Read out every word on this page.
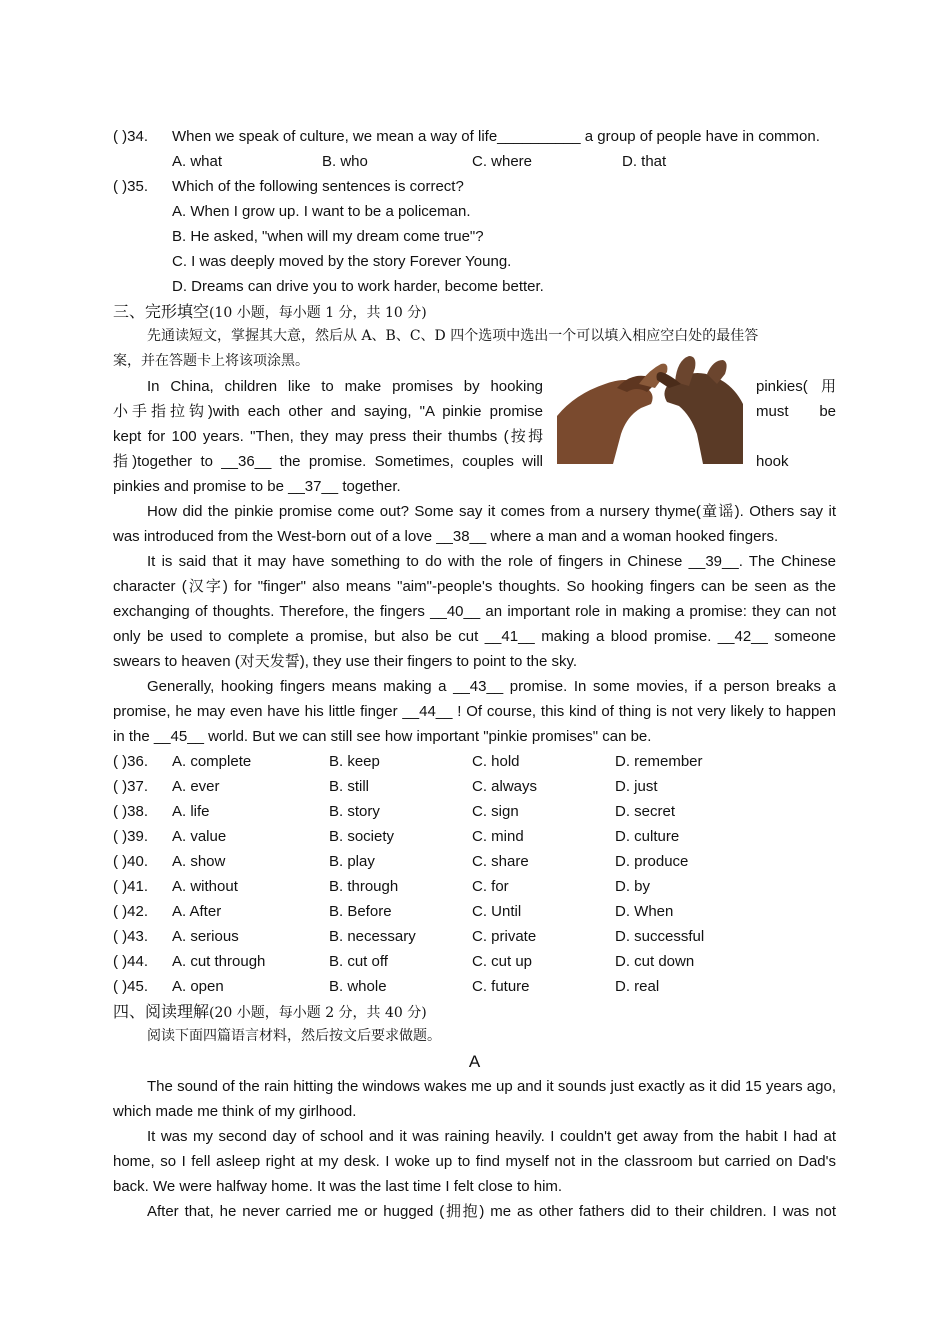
( )34. When we speak of culture, we mean a way of life__________ a group of people have in common.
A. what	B. who	C. where	D. that
( )35. Which of the following sentences is correct?
A. When I grow up. I want to be a policeman.
B. He asked, "when will my dream come true"?
C. I was deeply moved by the story Forever Young.
D. Dreams can drive you to work harder, become better.
三、完形填空(10 小题，每小题 1 分，共 10 分)
先通读短文，掌握其大意，然后从 A、B、C、D 四个选项中选出一个可以填入相应空白处的最佳答
案，并在答题卡上将该项涂黑。
In China, children like to make promises by hooking
小手指拉钩)with each other and saying, "A pinkie promise
kept for 100 years. "Then, they may press their thumbs (按拇
指)together to __36__ the promise. Sometimes, couples will
pinkies( 用
must be
hook
pinkies and promise to be __37__ together.

How did the pinkie promise come out? Some say it comes from a nursery thyme(童谣). Others say it was introduced from the West-born out of a love __38__ where a man and a woman hooked fingers.

It is said that it may have something to do with the role of fingers in Chinese __39__. The Chinese character (汉字) for "finger" also means "aim"-people's thoughts. So hooking fingers can be seen as the exchanging of thoughts. Therefore, the fingers __40__ an important role in making a promise: they can not only be used to complete a promise, but also be cut __41__ making a blood promise. __42__ someone swears to heaven (对天发誓), they use their fingers to point to the sky.

Generally, hooking fingers means making a __43__ promise. In some movies, if a person breaks a promise, he may even have his little finger __44__ ! Of course, this kind of thing is not very likely to happen in the __45__ world. But we can still see how important "pinkie promises" can be.

( )36. A. complete	B. keep	C. hold	D. remember
( )37. A. ever	B. still	C. always	D. just
( )38. A. life	B. story	C. sign	D. secret
( )39. A. value	B. society	C. mind	D. culture
( )40. A. show	B. play	C. share	D. produce
( )41. A. without	B. through	C. for	D. by
( )42. A. After	B. Before	C. Until	D. When
( )43. A. serious	B. necessary	C. private	D. successful
( )44. A. cut through	B. cut off	C. cut up	D. cut down
( )45. A. open	B. whole	C. future	D. real
四、阅读理解(20 小题，每小题 2 分，共 40 分)
阅读下面四篇语言材料，然后按文后要求做题。
A

The sound of the rain hitting the windows wakes me up and it sounds just exactly as it did 15 years ago, which made me think of my girlhood.

It was my second day of school and it was raining heavily. I couldn't get away from the habit I had at home, so I fell asleep right at my desk. I woke up to find myself not in the classroom but carried on Dad's back. We were halfway home. It was the last time I felt close to him.

After that, he never carried me or hugged (拥抱) me as other fathers did to their children. I was not
